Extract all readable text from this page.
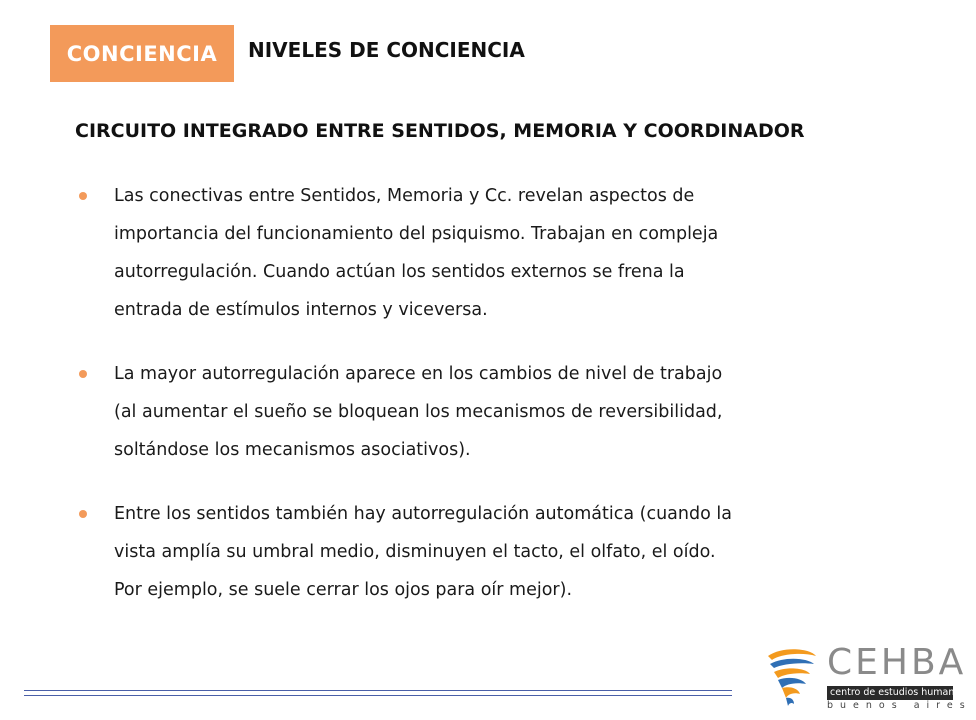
CONCIENCIA	NIVELES DE CONCIENCIA
CIRCUITO INTEGRADO ENTRE SENTIDOS, MEMORIA Y COORDINADOR
Las conectivas entre Sentidos, Memoria y Cc. revelan aspectos de
importancia del funcionamiento del psiquismo. Trabajan en compleja
autorregulación. Cuando actúan los sentidos externos se frena la
entrada de estímulos internos y viceversa.
La mayor autorregulación aparece en los cambios de nivel de trabajo
(al aumentar el sueño se bloquean los mecanismos de reversibilidad,
soltándose los mecanismos asociativos).
Entre los sentidos también hay autorregulación automática (cuando la
vista amplía su umbral medio, disminuyen el tacto, el olfato, el oído.
Por ejemplo, se suele cerrar los ojos para oír mejor).
CEHBA
centro de estudios humanistas
buenos aires
